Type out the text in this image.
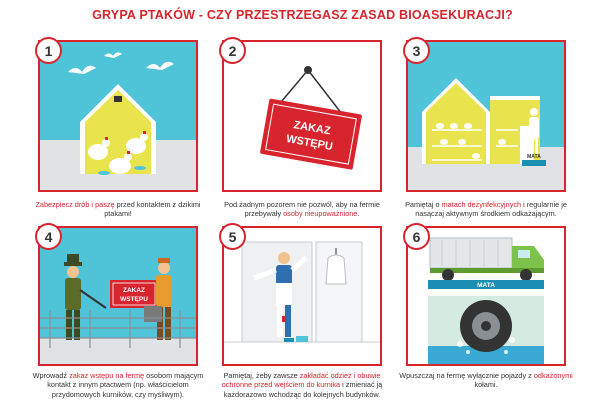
GRYPA PTAKÓW - CZY PRZESTRZEGASZ ZASAD BIOASEKURACJI?
1
Zabezpiecz drób i paszę przed kontaktem z dzikimi ptakami!
2
ZAKAZ
WSTĘPU
Pod żadnym pozorem nie pozwól, aby na fermie przebywały osoby nieupoważnione.
3
MATA
Pamiętaj o matach dezynfekcyjnych i regularnie je nasączaj aktywnym środkiem odkażającym.
4
ZAKAZ
WSTĘPU
Wprowadź zakaz wstępu na fermę osobom mającym kontakt z innym ptactwem (np. właścicielom przydomowych kurników, czy myśliwym).
5
Pamiętaj, żeby zawsze zakładać odzież i obuwie ochronne przed wejściem do kurnika i zmieniać ją każdorazowo wchodząc do kolejnych budynków.
6
MATA
Wpuszczaj na fermę wyłącznie pojazdy z odkażonymi kołami.
